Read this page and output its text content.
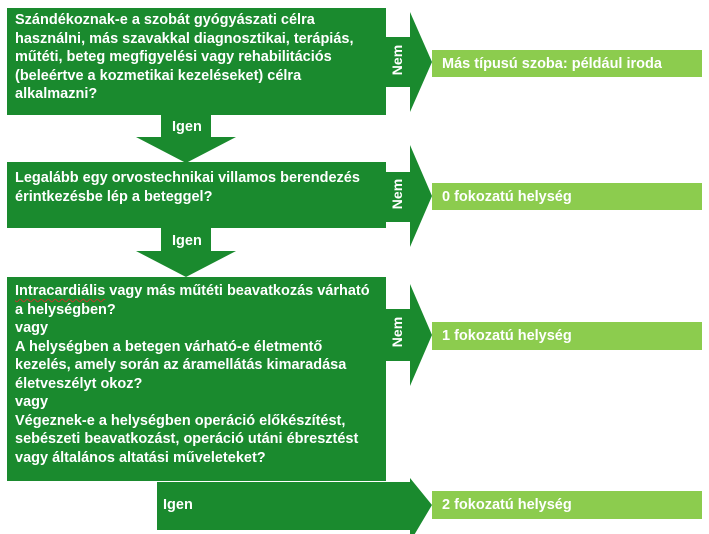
Szándékoznak-e a szobát gyógyászati célra használni, más szavakkal diagnosztikai, terápiás, műtéti, beteg megfigyelési vagy rehabilitációs (beleértve a kozmetikai kezeléseket) célra alkalmazni?
Legalább egy orvostechnikai villamos berendezés érintkezésbe lép a beteggel?
Intracardiális vagy más műtéti beavatkozás várható a helységben?
vagy
A helységben a betegen várható-e életmentő kezelés, amely során az áramellátás kimaradása életveszélyt okoz?
vagy
Végeznek-e a helységben operáció előkészítést, sebészeti beavatkozást, operáció utáni ébresztést vagy általános altatási műveleteket?
Igen
Igen
Igen
Nem
Nem
Nem
Más típusú szoba: például iroda
0 fokozatú helység
1 fokozatú helység
2 fokozatú helység
